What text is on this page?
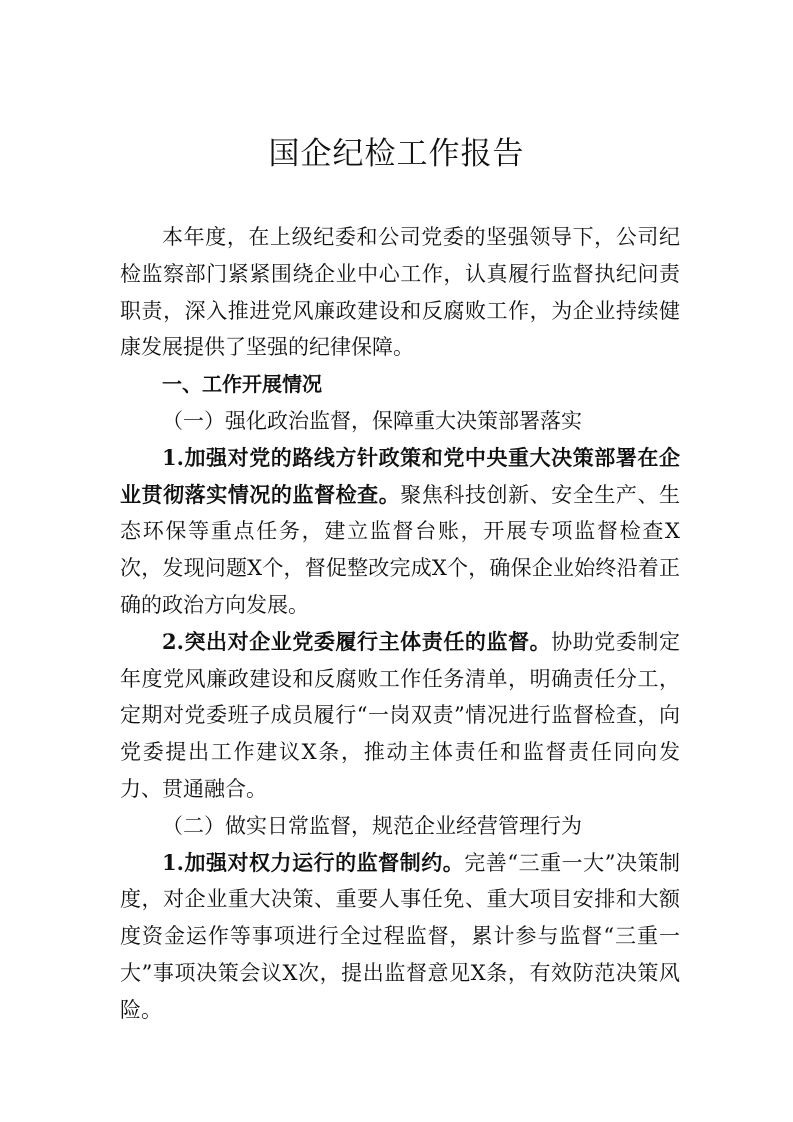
国企纪检工作报告

本年度，在上级纪委和公司党委的坚强领导下，公司纪检监察部门紧紧围绕企业中心工作，认真履行监督执纪问责职责，深入推进党风廉政建设和反腐败工作，为企业持续健康发展提供了坚强的纪律保障。

一、工作开展情况

（一）强化政治监督，保障重大决策部署落实

1.加强对党的路线方针政策和党中央重大决策部署在企业贯彻落实情况的监督检查。聚焦科技创新、安全生产、生态环保等重点任务，建立监督台账，开展专项监督检查X次，发现问题X个，督促整改完成X个，确保企业始终沿着正确的政治方向发展。

2.突出对企业党委履行主体责任的监督。协助党委制定年度党风廉政建设和反腐败工作任务清单，明确责任分工，定期对党委班子成员履行“一岗双责”情况进行监督检查，向党委提出工作建议X条，推动主体责任和监督责任同向发力、贯通融合。

（二）做实日常监督，规范企业经营管理行为

1.加强对权力运行的监督制约。完善“三重一大”决策制度，对企业重大决策、重要人事任免、重大项目安排和大额度资金运作等事项进行全过程监督，累计参与监督“三重一大”事项决策会议X次，提出监督意见X条，有效防范决策风险。
